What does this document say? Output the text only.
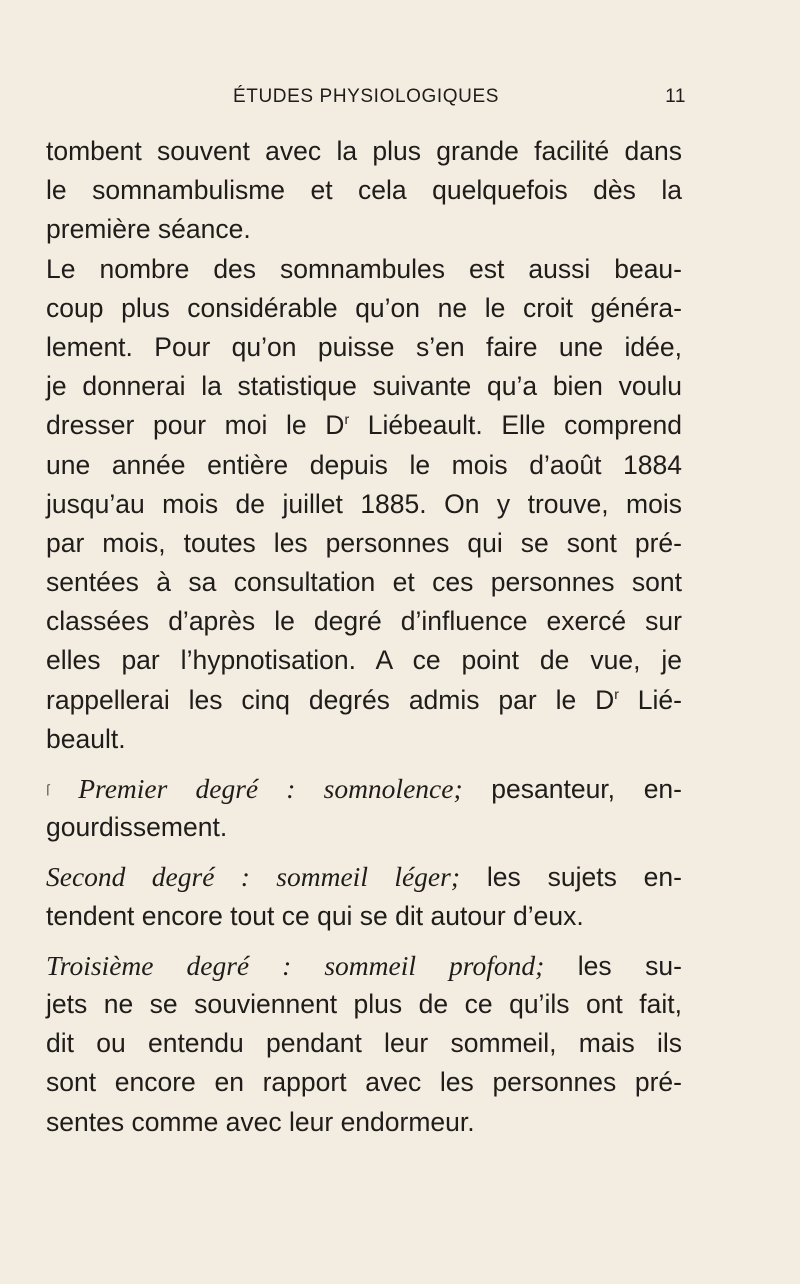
ÉTUDES PHYSIOLOGIQUES	11
tombent souvent avec la plus grande facilité dans
le somnambulisme et cela quelquefois dès la
première séance.
Le nombre des somnambules est aussi beau-
coup plus considérable qu’on ne le croit généra-
lement. Pour qu’on puisse s’en faire une idée,
je donnerai la statistique suivante qu’a bien voulu
dresser pour moi le $D^r$ Liébeault. Elle comprend
une année entière depuis le mois d’août 1884
jusqu’au mois de juillet 1885. On y trouve, mois
par mois, toutes les personnes qui se sont pré-
sentées à sa consultation et ces personnes sont
classées d’après le degré d’influence exercé sur
elles par l’hypnotisation. A ce point de vue, je
rappellerai les cinq degrés admis par le $D^r$ Lié-
beault.
ſ Premier degré : somnolence; pesanteur, en-
gourdissement.
Second degré : sommeil léger; les sujets en-
tendent encore tout ce qui se dit autour d’eux.
Troisième degré : sommeil profond; les su-
jets ne se souviennent plus de ce qu’ils ont fait,
dit ou entendu pendant leur sommeil, mais ils
sont encore en rapport avec les personnes pré-
sentes comme avec leur endormeur.
